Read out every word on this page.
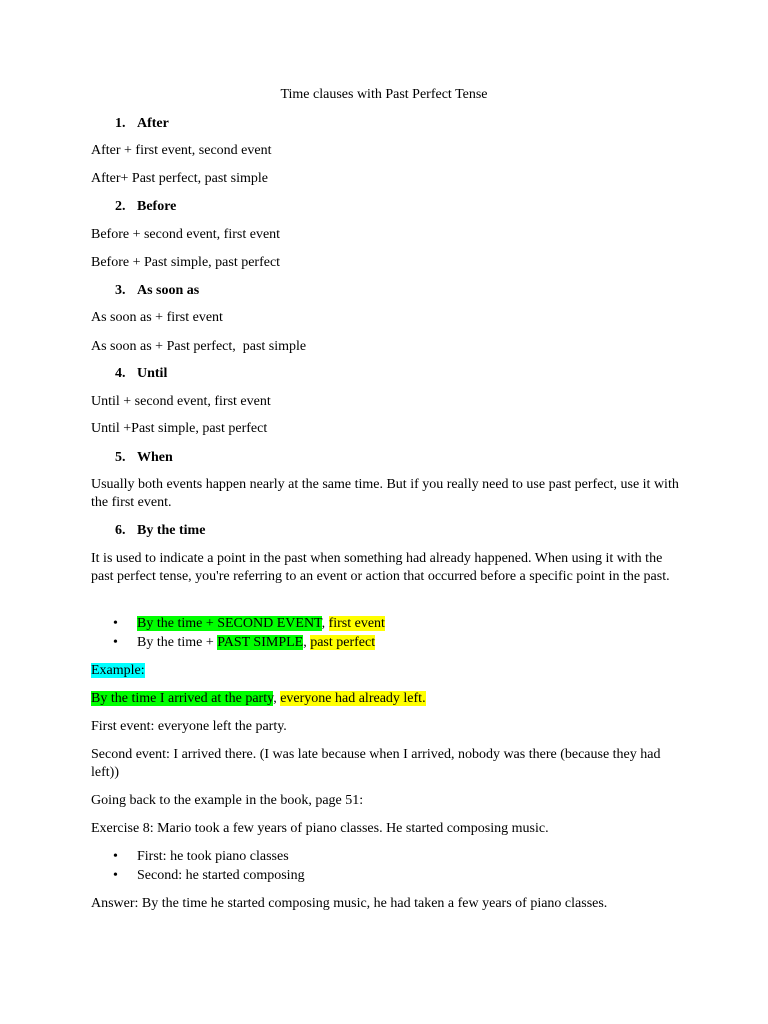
Time clauses with Past Perfect Tense
1. After
After + first event, second event
After+ Past perfect, past simple
2. Before
Before + second event, first event
Before + Past simple, past perfect
3. As soon as
As soon as + first event
As soon as + Past perfect,  past simple
4. Until
Until + second event, first event
Until +Past simple, past perfect
5. When
Usually both events happen nearly at the same time. But if you really need to use past perfect, use it with the first event.
6. By the time
It is used to indicate a point in the past when something had already happened. When using it with the past perfect tense, you're referring to an event or action that occurred before a specific point in the past.
• By the time + SECOND EVENT, first event
• By the time + PAST SIMPLE, past perfect
Example:
By the time I arrived at the party, everyone had already left.
First event: everyone left the party.
Second event: I arrived there. (I was late because when I arrived, nobody was there (because they had left))
Going back to the example in the book, page 51:
Exercise 8: Mario took a few years of piano classes. He started composing music.
• First: he took piano classes
• Second: he started composing
Answer: By the time he started composing music, he had taken a few years of piano classes.
